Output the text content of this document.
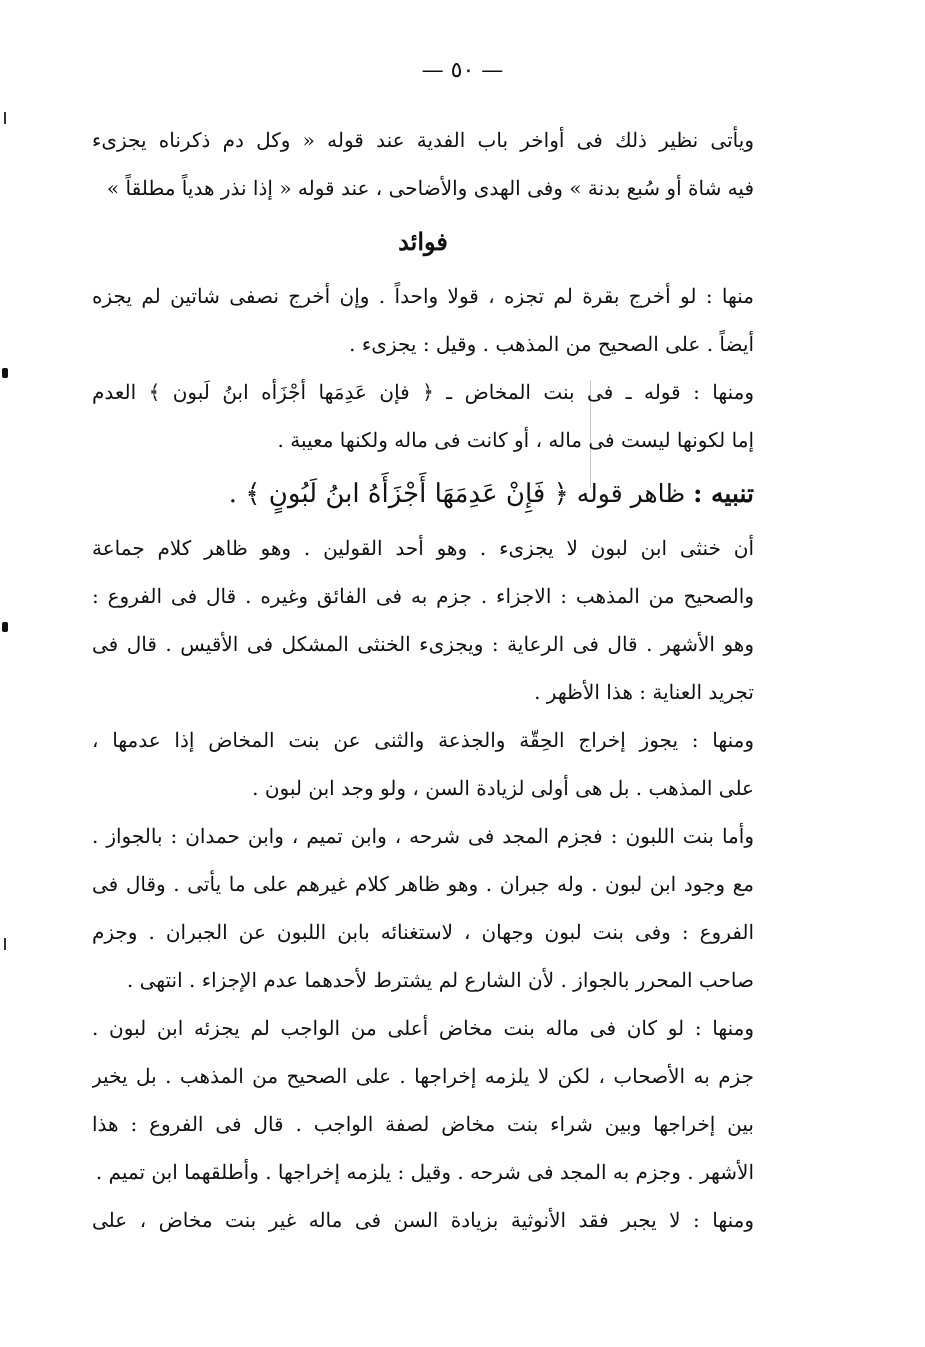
— ٥٠ —
ويأتى نظير ذلك فى أواخر باب الفدية عند قوله « وكل دم ذكرناه يجزىء
فيه شاة أو سُبع بدنة » وفى الهدى والأضاحى ، عند قوله « إذا نذر هدياً مطلقاً »
فوائد
منها : لو أخرج بقرة لم تجزه ، قولا واحداً . وإن أخرج نصفى شاتين لم يجزه
أيضاً . على الصحيح من المذهب . وقيل : يجزىء .
ومنها : قوله ـ فى بنت المخاض ـ ﴿ فإن عَدِمَها أجْزَأه ابنُ لَبون ﴾ العدم
إما لكونها ليست فى ماله ، أو كانت فى ماله ولكنها معيبة .
تنبيه : ظاهر قوله ﴿ فَإِنْ عَدِمَهَا أَجْزَأَهُ ابنُ لَبُونٍ ﴾ .
أن خنثى ابن لبون لا يجزىء . وهو أحد القولين . وهو ظاهر كلام جماعة
والصحيح من المذهب : الاجزاء . جزم به فى الفائق وغيره . قال فى الفروع :
وهو الأشهر . قال فى الرعاية : ويجزىء الخنثى المشكل فى الأقيس . قال فى
تجريد العناية : هذا الأظهر .
ومنها : يجوز إخراج الحِقّة والجذعة والثنى عن بنت المخاض إذا عدمها ،
على المذهب . بل هى أولى لزيادة السن ، ولو وجد ابن لبون .
وأما بنت اللبون : فجزم المجد فى شرحه ، وابن تميم ، وابن حمدان : بالجواز .
مع وجود ابن لبون . وله جبران . وهو ظاهر كلام غيرهم على ما يأتى . وقال فى
الفروع : وفى بنت لبون وجهان ، لاستغنائه بابن اللبون عن الجبران . وجزم
صاحب المحرر بالجواز . لأن الشارع لم يشترط لأحدهما عدم الإجزاء . انتهى .
ومنها : لو كان فى ماله بنت مخاض أعلى من الواجب لم يجزئه ابن لبون .
جزم به الأصحاب ، لكن لا يلزمه إخراجها . على الصحيح من المذهب . بل يخير
بين إخراجها وبين شراء بنت مخاض لصفة الواجب . قال فى الفروع : هذا
الأشهر . وجزم به المجد فى شرحه . وقيل : يلزمه إخراجها . وأطلقهما ابن تميم .
ومنها : لا يجبر فقد الأنوثية بزيادة السن فى ماله غير بنت مخاض ، على
